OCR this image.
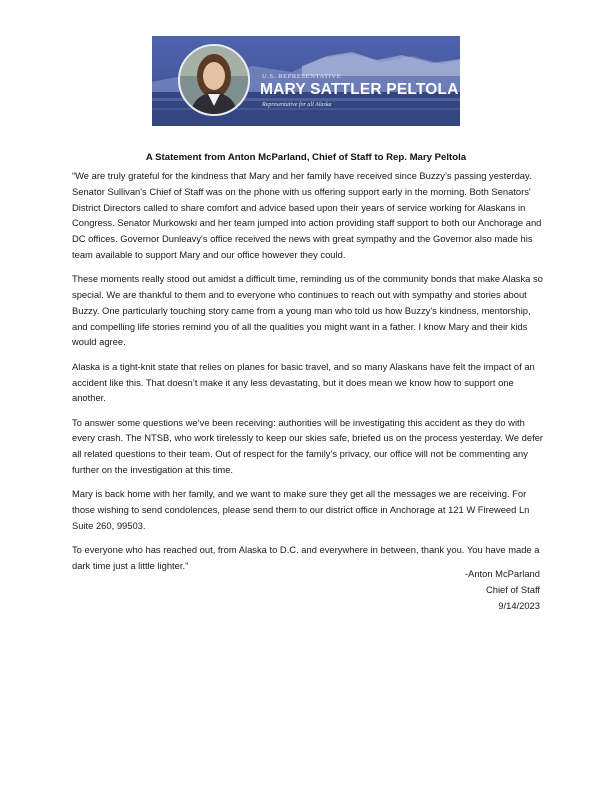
U.S. REPRESENTATIVE
MARY SATTLER PELTOLA
Representative for all Alaska
A Statement from Anton McParland, Chief of Staff to Rep. Mary Peltola

“We are truly grateful for the kindness that Mary and her family have received since Buzzy’s passing yesterday. Senator Sullivan's Chief of Staff was on the phone with us offering support early in the morning. Both Senators' District Directors called to share comfort and advice based upon their years of service working for Alaskans in Congress. Senator Murkowski and her team jumped into action providing staff support to both our Anchorage and DC offices. Governor Dunleavy's office received the news with great sympathy and the Governor also made his team available to support Mary and our office however they could.

These moments really stood out amidst a difficult time, reminding us of the community bonds that make Alaska so special. We are thankful to them and to everyone who continues to reach out with sympathy and stories about Buzzy. One particularly touching story came from a young man who told us how Buzzy's kindness, mentorship, and compelling life stories remind you of all the qualities you might want in a father. I know Mary and their kids would agree.

Alaska is a tight-knit state that relies on planes for basic travel, and so many Alaskans have felt the impact of an accident like this. That doesn’t make it any less devastating, but it does mean we know how to support one another.

To answer some questions we’ve been receiving: authorities will be investigating this accident as they do with every crash. The NTSB, who work tirelessly to keep our skies safe, briefed us on the process yesterday. We defer all related questions to their team. Out of respect for the family’s privacy, our office will not be commenting any further on the investigation at this time.

Mary is back home with her family, and we want to make sure they get all the messages we are receiving. For those wishing to send condolences, please send them to our district office in Anchorage at 121 W Fireweed Ln Suite 260, 99503.

To everyone who has reached out, from Alaska to D.C. and everywhere in between, thank you. You have made a dark time just a little lighter.”

-Anton McParland
Chief of Staff
9/14/2023
